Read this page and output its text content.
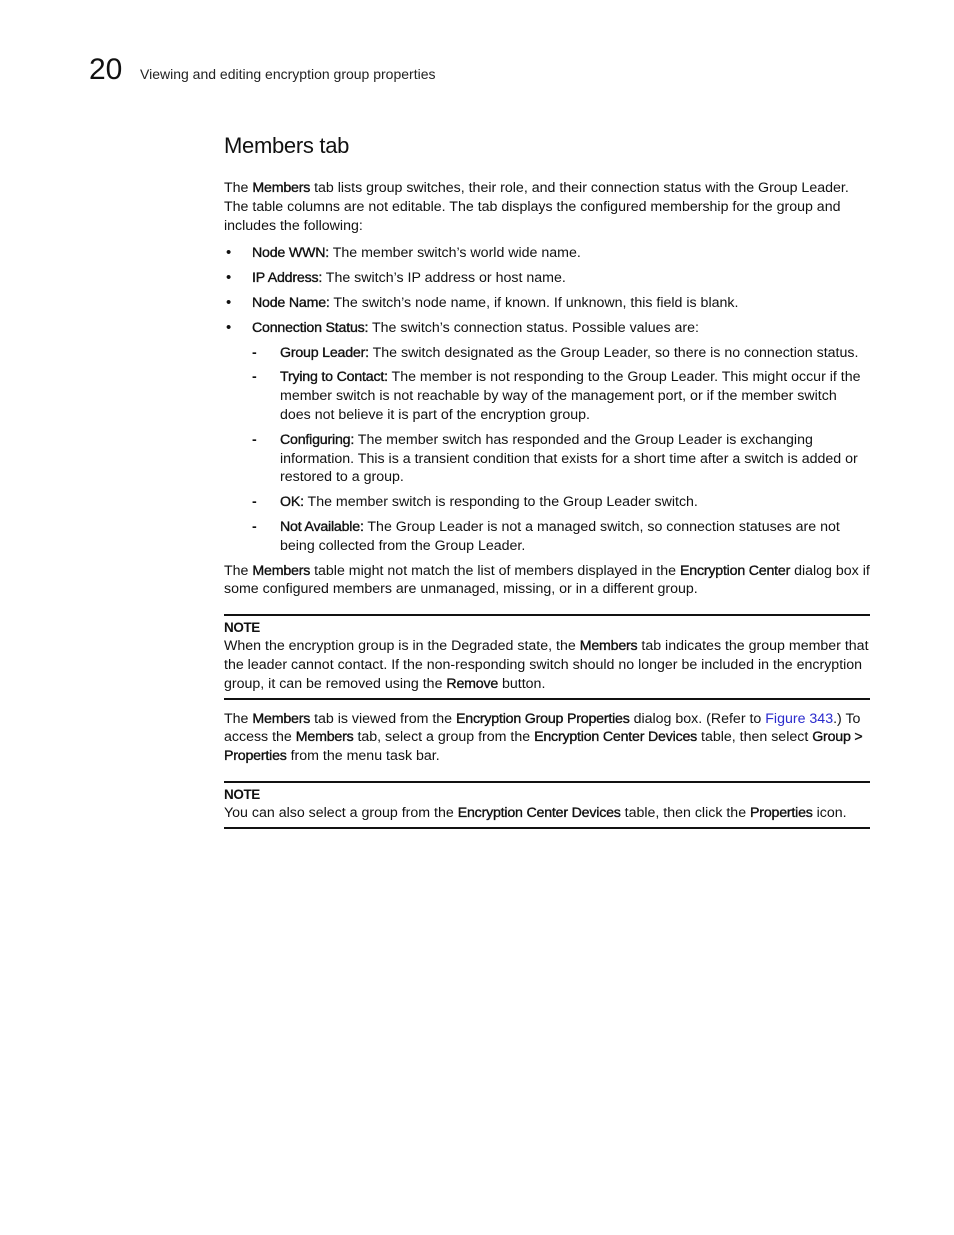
20 Viewing and editing encryption group properties
Members tab

The Members tab lists group switches, their role, and their connection status with the Group Leader. The table columns are not editable. The tab displays the configured membership for the group and includes the following:

• Node WWN: The member switch’s world wide name.
• IP Address: The switch’s IP address or host name.
• Node Name: The switch’s node name, if known. If unknown, this field is blank.
• Connection Status: The switch’s connection status. Possible values are:
- Group Leader: The switch designated as the Group Leader, so there is no connection status.
- Trying to Contact: The member is not responding to the Group Leader. This might occur if the member switch is not reachable by way of the management port, or if the member switch does not believe it is part of the encryption group.
- Configuring: The member switch has responded and the Group Leader is exchanging information. This is a transient condition that exists for a short time after a switch is added or restored to a group.
- OK: The member switch is responding to the Group Leader switch.
- Not Available: The Group Leader is not a managed switch, so connection statuses are not being collected from the Group Leader.

The Members table might not match the list of members displayed in the Encryption Center dialog box if some configured members are unmanaged, missing, or in a different group.

NOTE

When the encryption group is in the Degraded state, the Members tab indicates the group member that the leader cannot contact. If the non-responding switch should no longer be included in the encryption group, it can be removed using the Remove button.

The Members tab is viewed from the Encryption Group Properties dialog box. (Refer to Figure 343.) To access the Members tab, select a group from the Encryption Center Devices table, then select Group > Properties from the menu task bar.

NOTE

You can also select a group from the Encryption Center Devices table, then click the Properties icon.
